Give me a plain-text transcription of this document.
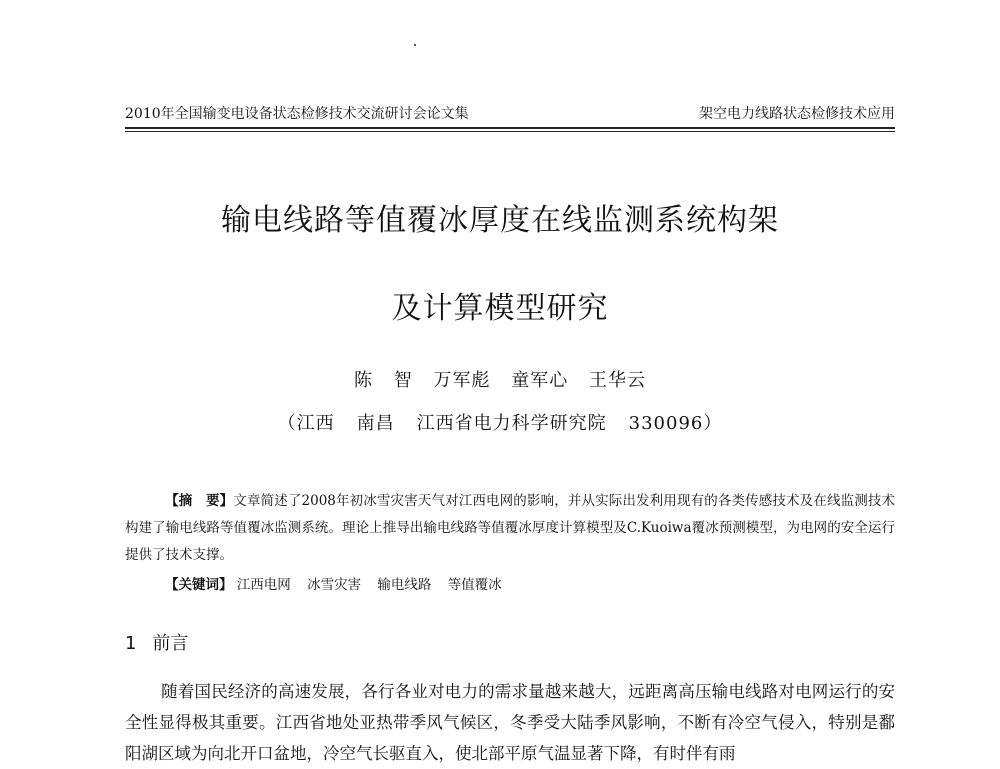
2010年全国输变电设备状态检修技术交流研讨会论文集	架空电力线路状态检修技术应用
输电线路等值覆冰厚度在线监测系统构架
及计算模型研究
陈 智 万军彪 童军心 王华云
（江西 南昌 江西省电力科学研究院 330096）
【摘　要】文章简述了2008年初冰雪灾害天气对江西电网的影响，并从实际出发利用现有的各类传感技术及在线监测技术构建了输电线路等值覆冰监测系统。理论上推导出输电线路等值覆冰厚度计算模型及C.Kuoiwa覆冰预测模型，为电网的安全运行提供了技术支撑。
【关键词】 江西电网 冰雪灾害 输电线路 等值覆冰
1 前言
随着国民经济的高速发展，各行各业对电力的需求量越来越大，远距离高压输电线路对电网运行的安全性显得极其重要。江西省地处亚热带季风气候区，冬季受大陆季风影响，不断有冷空气侵入，特别是鄱阳湖区域为向北开口盆地，冷空气长驱直入，使北部平原气温显著下降，有时伴有雨
